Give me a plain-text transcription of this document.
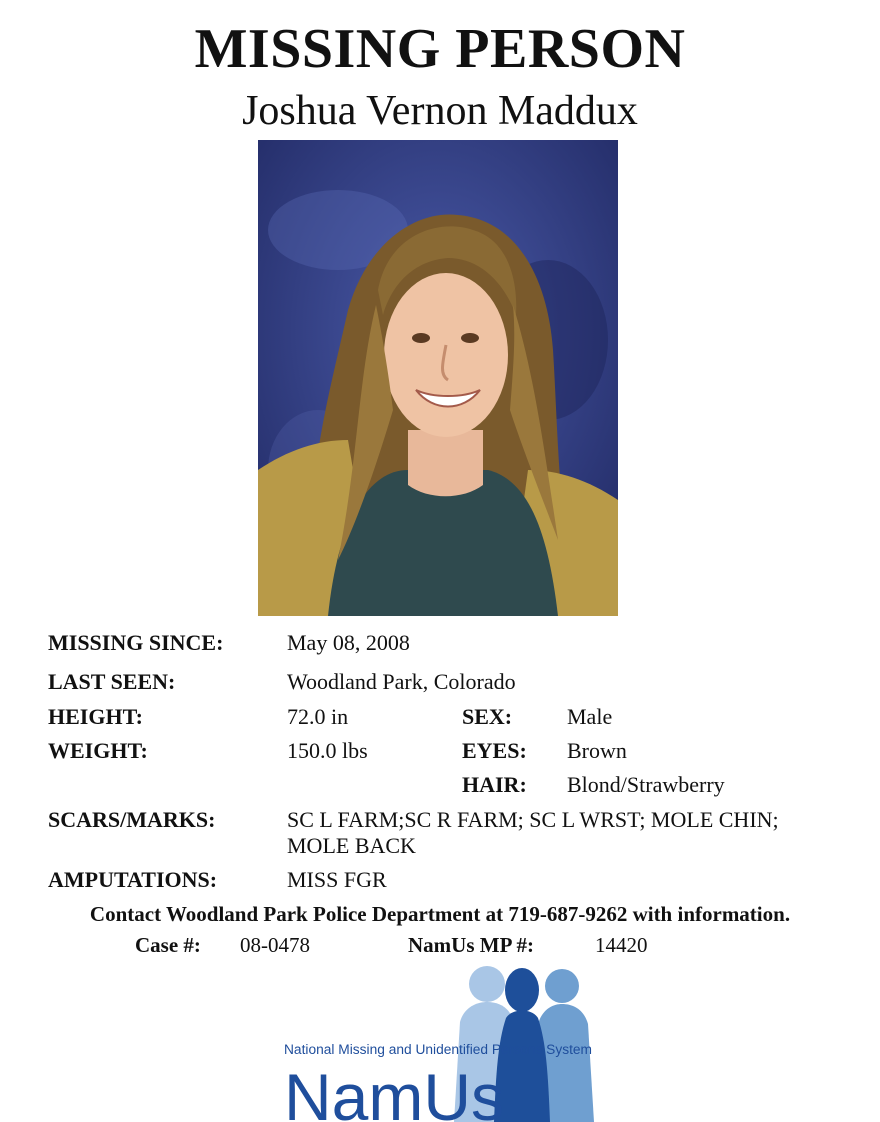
MISSING PERSON
Joshua Vernon Maddux
MISSING SINCE:	May 08, 2008
LAST SEEN:	Woodland Park, Colorado
HEIGHT:	72.0 in	SEX: Male
WEIGHT:	150.0 lbs	EYES: Brown
HAIR: Blond/Strawberry
SCARS/MARKS:	SC L FARM;SC R FARM; SC L WRST; MOLE CHIN; MOLE BACK
AMPUTATIONS:	MISS FGR
Contact Woodland Park Police Department at 719-687-9262 with information.
Case #: 08-0478	NamUs MP #:	14420
National Missing and Unidentified Persons System
NamUs
